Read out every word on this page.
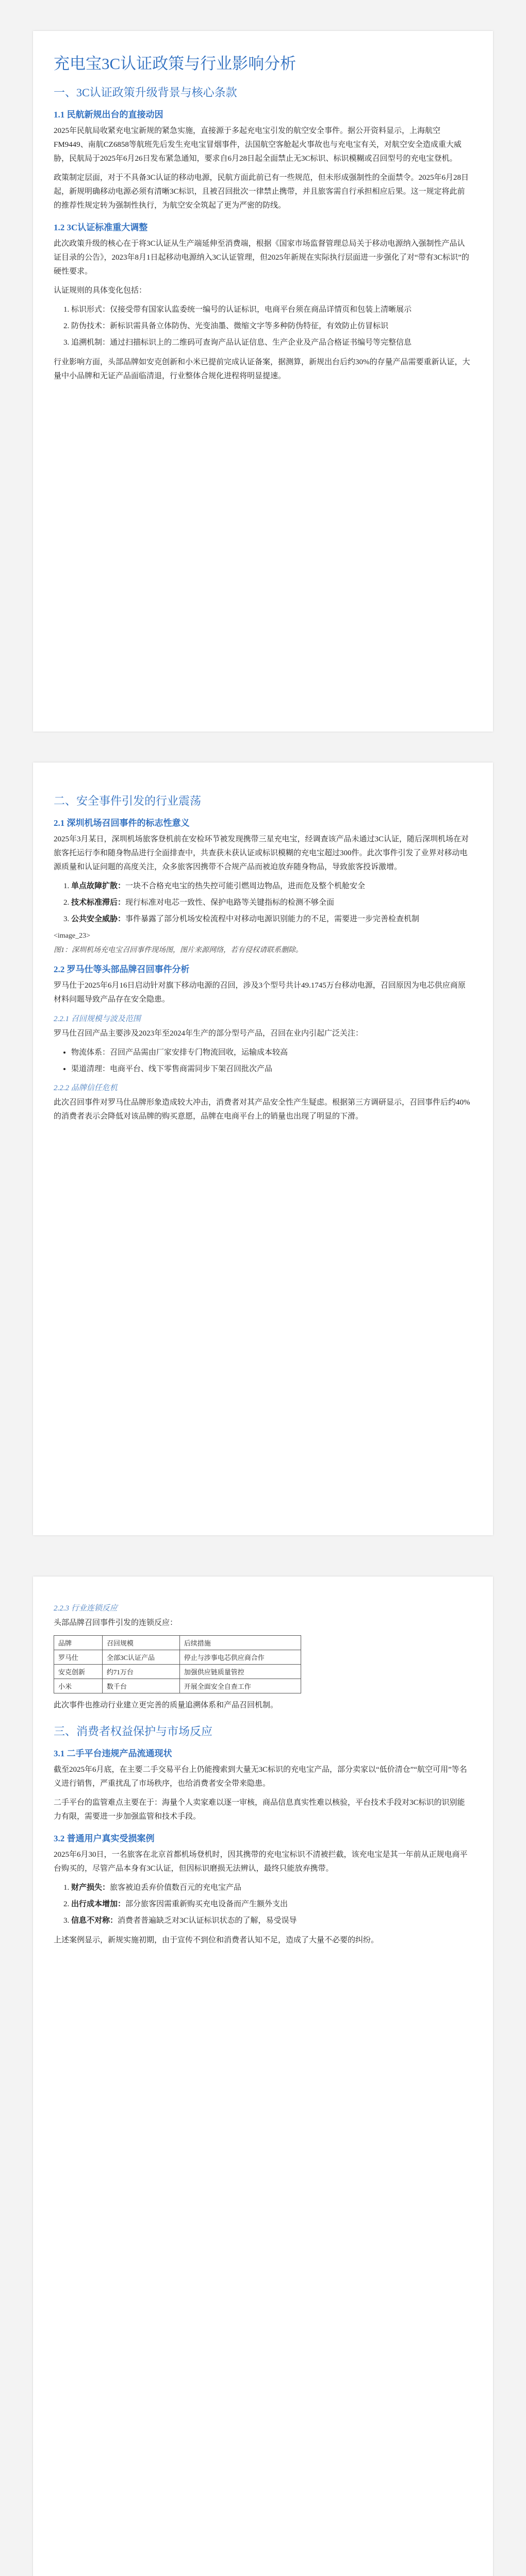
充电宝3C认证政策与行业影响分析
一、3C认证政策升级背景与核心条款
1.1 民航新规出台的直接动因

2025年民航局收紧充电宝新规的紧急实施，直接源于多起充电宝引发的航空安全事件。据公开资料显示，上海航空FM9449、南航CZ6858等航班先后发生充电宝冒烟事件，法国航空客舱起火事故也与充电宝有关，对航空安全造成重大威胁，民航局于2025年6月26日发布紧急通知，要求自6月28日起全面禁止无3C标识、标识模糊或召回型号的充电宝登机。

政策制定层面，对于不具备3C认证的移动电源，民航方面此前已有一些规范，但未形成强制性的全面禁令。2025年6月28日起，新规明确移动电源必须有清晰3C标识，且被召回批次一律禁止携带，并且旅客需自行承担相应后果。这一规定将此前的推荐性规定转为强制性执行，为航空安全筑起了更为严密的防线。

1.2 3C认证标准重大调整

此次政策升级的核心在于将3C认证从生产端延伸至消费端，根据《国家市场监督管理总局关于移动电源纳入强制性产品认证目录的公告》，2023年8月1日起移动电源纳入3C认证管理，但2025年新规在实际执行层面进一步强化了对“带有3C标识”的硬性要求。

认证规则的具体变化包括：

1. 标识形式：仅接受带有国家认监委统一编号的认证标识，电商平台须在商品详情页和包装上清晰展示
2. 防伪技术：新标识需具备立体防伪、光变油墨、微缩文字等多种防伪特征，有效防止仿冒标识
3. 追溯机制：通过扫描标识上的二维码可查询产品认证信息、生产企业及产品合格证书编号等完整信息

行业影响方面，头部品牌如安克创新和小米已提前完成认证备案，据测算，新规出台后约30%的存量产品需要重新认证，大量中小品牌和无证产品面临清退，行业整体合规化进程将明显提速。

二、安全事件引发的行业震荡
2.1 深圳机场召回事件的标志性意义

2025年3月某日，深圳机场旅客登机前在安检环节被发现携带三星充电宝，经调查该产品未通过3C认证，随后深圳机场在对旅客托运行李和随身物品进行全面排查中，共查获未获认证或标识模糊的充电宝超过300件。此次事件引发了业界对移动电源质量和认证问题的高度关注，众多旅客因携带不合规产品而被迫放弃随身物品，导致旅客投诉激增。

1. 单点故障扩散：一块不合格充电宝的热失控可能引燃周边物品，进而危及整个机舱安全
2. 技术标准滞后：现行标准对电芯一致性、保护电路等关键指标的检测不够全面
3. 公共安全威胁：事件暴露了部分机场安检流程中对移动电源识别能力的不足，需要进一步完善检查机制
<image_23>
图1：深圳机场充电宝召回事件现场图，图片来源网络，若有侵权请联系删除。
2.2 罗马仕等头部品牌召回事件分析

罗马仕于2025年6月16日启动针对旗下移动电源的召回，涉及3个型号共计49.1745万台移动电源，召回原因为电芯供应商原材料问题导致产品存在安全隐患。

2.2.1 召回规模与波及范围

罗马仕召回产品主要涉及2023年至2024年生产的部分型号产品，召回在业内引起广泛关注：

• 物流体系：召回产品需由厂家安排专门物流回收，运输成本较高
• 渠道清理：电商平台、线下零售商需同步下架召回批次产品
2.2.2 品牌信任危机

此次召回事件对罗马仕品牌形象造成较大冲击，消费者对其产品安全性产生疑虑。根据第三方调研显示，召回事件后约40%的消费者表示会降低对该品牌的购买意愿，品牌在电商平台上的销量也出现了明显的下滑。

2.2.3 行业连锁反应

头部品牌召回事件引发的连锁反应：

品牌	召回规模	后续措施
罗马仕	全部3C认证产品	停止与涉事电芯供应商合作
安克创新	约71万台	加强供应链质量管控
小米	数千台	开展全面安全自查工作

此次事件也推动行业建立更完善的质量追溯体系和产品召回机制。

三、消费者权益保护与市场反应
3.1 二手平台违规产品流通现状

截至2025年6月底，在主要二手交易平台上仍能搜索到大量无3C标识的充电宝产品，部分卖家以“低价清仓”“航空可用”等名义进行销售，严重扰乱了市场秩序，也给消费者安全带来隐患。

二手平台的监管难点主要在于：海量个人卖家难以逐一审核，商品信息真实性难以核验，平台技术手段对3C标识的识别能力有限，需要进一步加强监管和技术手段。

3.2 普通用户真实受损案例

2025年6月30日，一名旅客在北京首都机场登机时，因其携带的充电宝标识不清被拦截，该充电宝是其一年前从正规电商平台购买的，尽管产品本身有3C认证，但因标识磨损无法辨认，最终只能放弃携带。

1. 财产损失：旅客被迫丢弃价值数百元的充电宝产品
2. 出行成本增加：部分旅客因需重新购买充电设备而产生额外支出
3. 信息不对称：消费者普遍缺乏对3C认证标识状态的了解，易受误导

上述案例显示，新规实施初期，由于宣传不到位和消费者认知不足，造成了大量不必要的纠纷。
